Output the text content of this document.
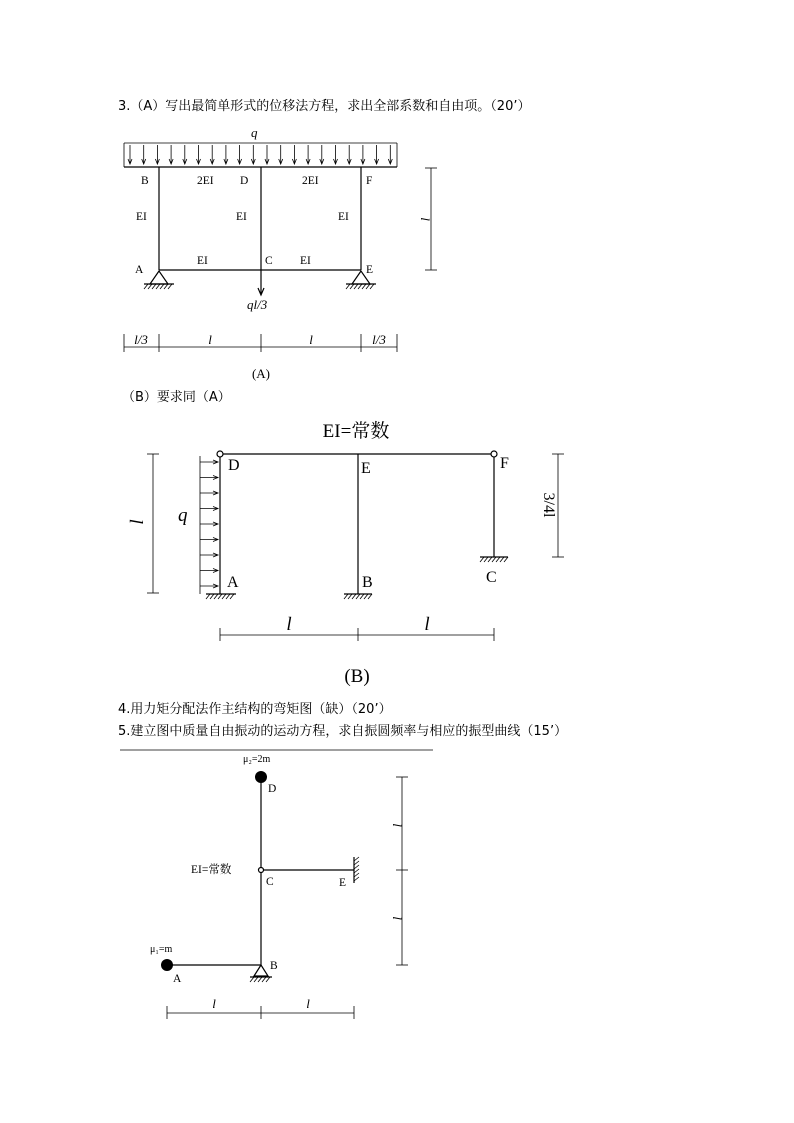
3.（A）写出最简单形式的位移法方程，求出全部系数和自由项。（20’）
（B）要求同（A）
4.用力矩分配法作主结构的弯矩图（缺）（20’）
5.建立图中质量自由振动的运动方程，求自振圆频率与相应的振型曲线（15’）
q
B	2EI D	2EI	F
EI	EI	EI
A
EI	C EI
E
ql/3
l/3	l	l	l/3
l
(A)
EI=常数
q
D	E	F
A	B	C
l
3/4l
l	l
(B)
μ₂=2m
D
C
EI=常数
E
μ₁=m
A
B
l
l
l	l
